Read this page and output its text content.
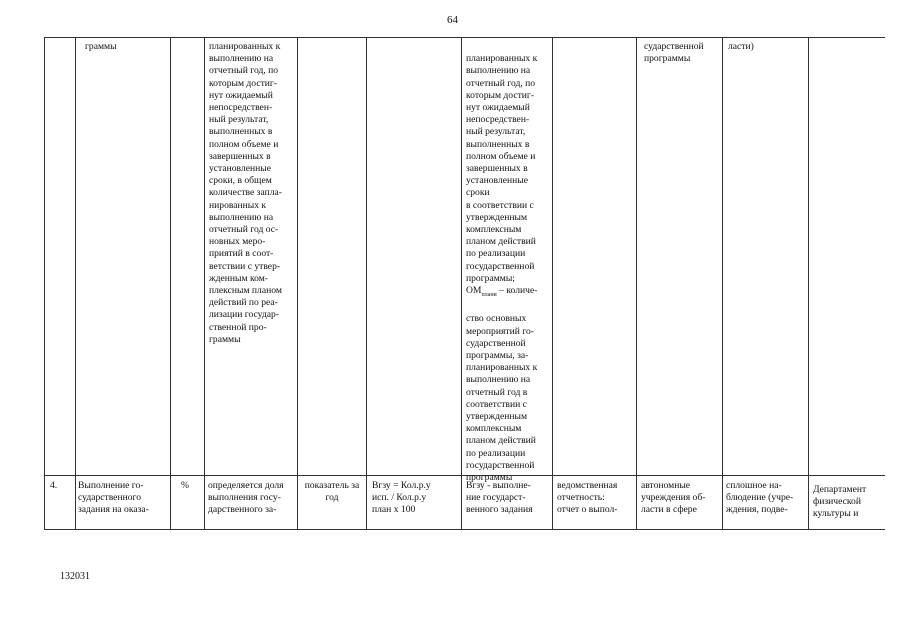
64
граммы	планированных к
выполнению на
отчетный год, по
которым достиг-
нут ожидаемый
непосредствен-
ный результат,
выполненных в
полном объеме и
завершенных в
установленные
сроки, в общем
количестве запла-
нированных к
выполнению на
отчетный год ос-
новных меро-
приятий в соот-
ветствии с утвер-
жденным ком-
плексным планом
действий по реа-
лизации государ-
ственной про-
граммы

планированных к
выполнению на
отчетный год, по
которым достиг-
нут ожидаемый
непосредствен-
ный результат,
выполненных в
полном объеме и
завершенных в
установленные
сроки
в соответствии с
утвержденным
комплексным
планом действий
по реализации
государственной
программы;

$ОМ_{плани}$ – количе-

ство основных
мероприятий го-
сударственной
программы, за-
планированных к
выполнению на
отчетный год в
соответствии с
утвержденным
комплексным
планом действий
по реализации
государственной
программы

сударственной
программы
ласти)
4. Выполнение го-
сударственного
задания на оказа-
% определяется доля
выполнения госу-
дарственного за-
показатель за
год
Вгзу = Кол.р.у
исп. / Кол.р.у
план х 100
Вгзу - выполне-
ние государст-
венного задания
ведомственная
отчетность:
отчет о выпол-
автономные
учреждения об-
ласти в сфере
сплошное на-
блюдение (учре-
ждения, подве-
Департамент
физической
культуры и
132031
